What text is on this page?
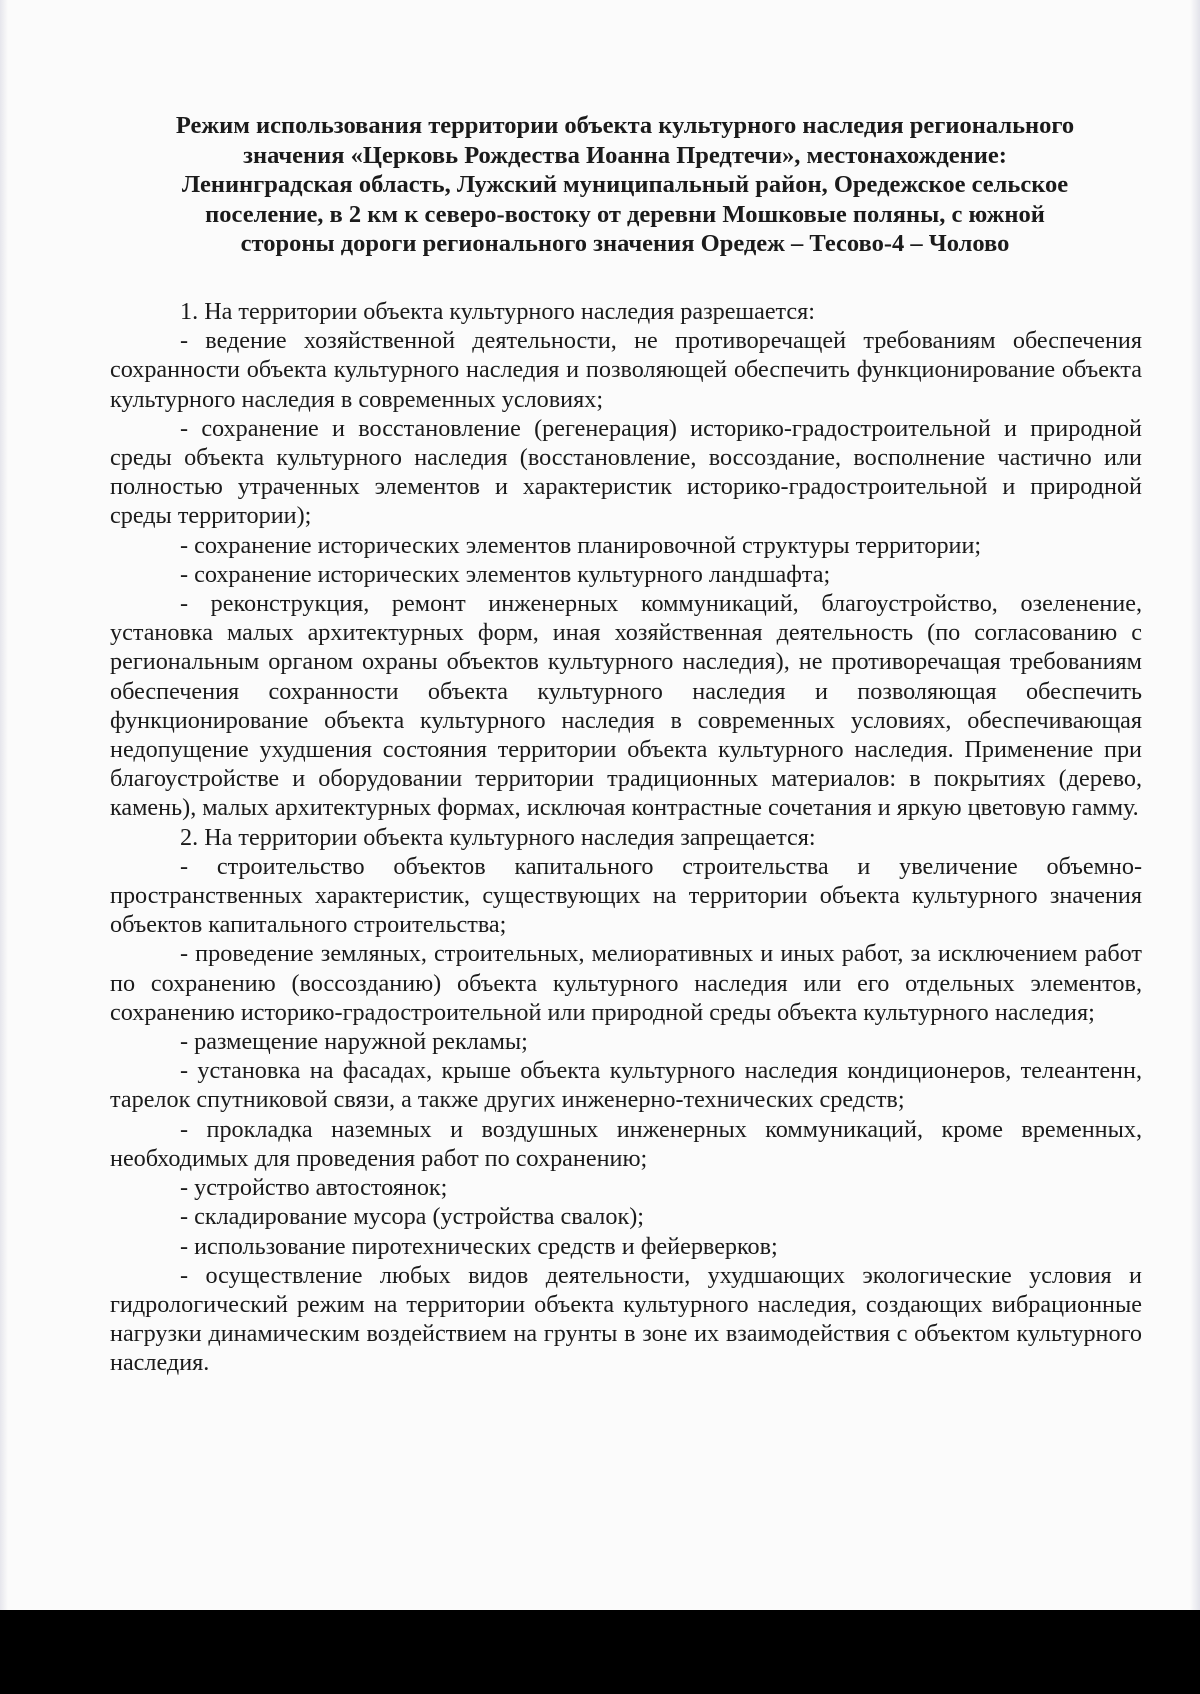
Режим использования территории объекта культурного наследия регионального
значения «Церковь Рождества Иоанна Предтечи», местонахождение:
Ленинградская область, Лужский муниципальный район, Оредежское сельское
поселение, в 2 км к северо-востоку от деревни Мошковые поляны, с южной
стороны дороги регионального значения Оредеж – Тесово-4 – Чолово

1. На территории объекта культурного наследия разрешается:

- ведение хозяйственной деятельности, не противоречащей требованиям обеспечения сохранности объекта культурного наследия и позволяющей обеспечить функционирование объекта культурного наследия в современных условиях;

- сохранение и восстановление (регенерация) историко-градостроительной и природной среды объекта культурного наследия (восстановление, воссоздание, восполнение частично или полностью утраченных элементов и характеристик историко-градостроительной и природной среды территории);

- сохранение исторических элементов планировочной структуры территории;

- сохранение исторических элементов культурного ландшафта;

- реконструкция, ремонт инженерных коммуникаций, благоустройство, озеленение, установка малых архитектурных форм, иная хозяйственная деятельность (по согласованию с региональным органом охраны объектов культурного наследия), не противоречащая требованиям обеспечения сохранности объекта культурного наследия и позволяющая обеспечить функционирование объекта культурного наследия в современных условиях, обеспечивающая недопущение ухудшения состояния территории объекта культурного наследия. Применение при благоустройстве и оборудовании территории традиционных материалов: в покрытиях (дерево, камень), малых архитектурных формах, исключая контрастные сочетания и яркую цветовую гамму.

2. На территории объекта культурного наследия запрещается:

- строительство объектов капитального строительства и увеличение объемно-пространственных характеристик, существующих на территории объекта культурного значения объектов капитального строительства;

- проведение земляных, строительных, мелиоративных и иных работ, за исключением работ по сохранению (воссозданию) объекта культурного наследия или его отдельных элементов, сохранению историко-градостроительной или природной среды объекта культурного наследия;

- размещение наружной рекламы;

- установка на фасадах, крыше объекта культурного наследия кондиционеров, телеантенн, тарелок спутниковой связи, а также других инженерно-технических средств;

- прокладка наземных и воздушных инженерных коммуникаций, кроме временных, необходимых для проведения работ по сохранению;

- устройство автостоянок;

- складирование мусора (устройства свалок);

- использование пиротехнических средств и фейерверков;

- осуществление любых видов деятельности, ухудшающих экологические условия и гидрологический режим на территории объекта культурного наследия, создающих вибрационные нагрузки динамическим воздействием на грунты в зоне их взаимодействия с объектом культурного наследия.
